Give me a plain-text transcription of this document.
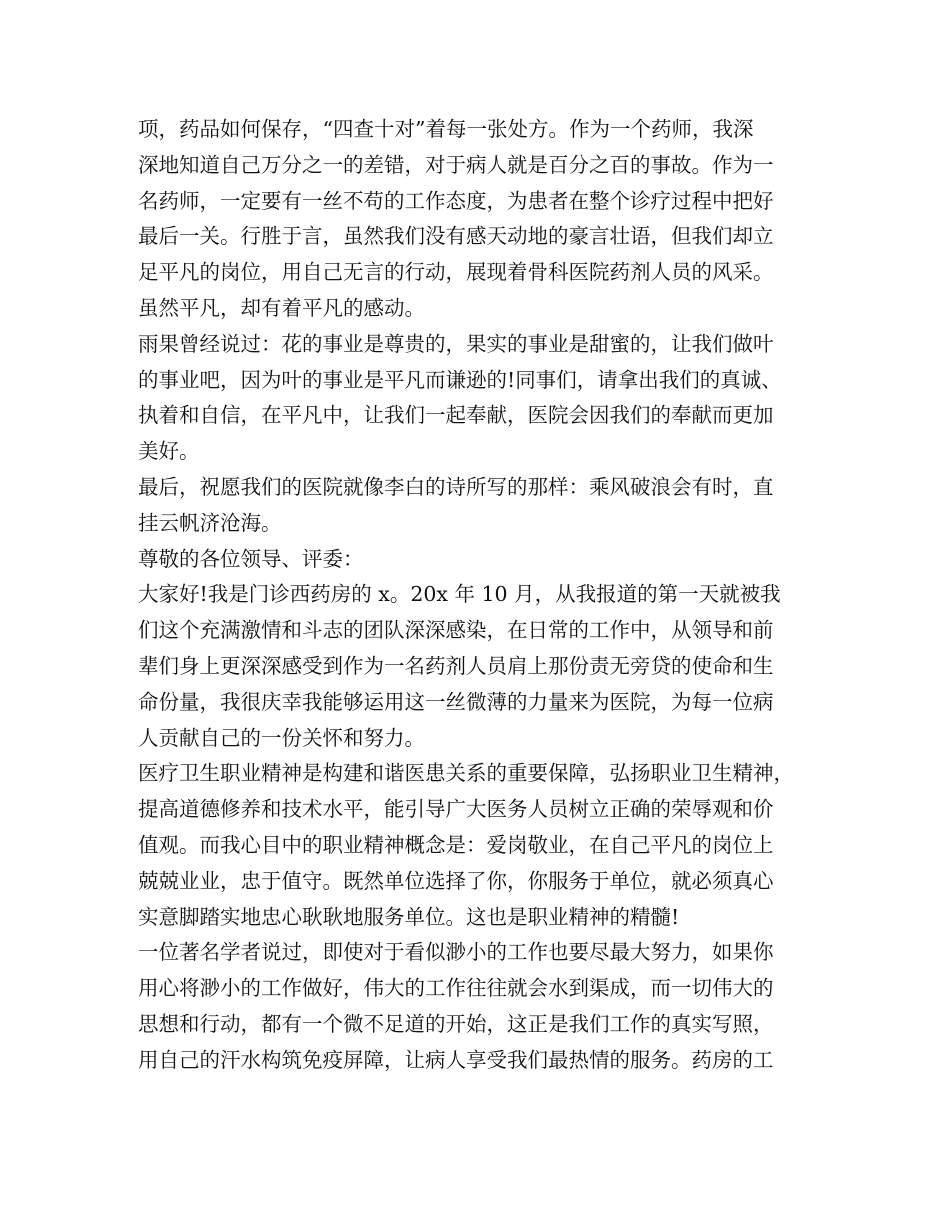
项，药品如何保存，“四查十对”着每一张处方。作为一个药师，我深
深地知道自己万分之一的差错，对于病人就是百分之百的事故。作为一
名药师，一定要有一丝不苟的工作态度，为患者在整个诊疗过程中把好
最后一关。行胜于言，虽然我们没有感天动地的豪言壮语，但我们却立
足平凡的岗位，用自己无言的行动，展现着骨科医院药剂人员的风采。
虽然平凡，却有着平凡的感动。
雨果曾经说过：花的事业是尊贵的，果实的事业是甜蜜的，让我们做叶
的事业吧，因为叶的事业是平凡而谦逊的!同事们，请拿出我们的真诚、
执着和自信，在平凡中，让我们一起奉献，医院会因我们的奉献而更加
美好。
最后，祝愿我们的医院就像李白的诗所写的那样：乘风破浪会有时，直
挂云帆济沧海。
尊敬的各位领导、评委：
大家好!我是门诊西药房的 x。20x 年 10 月，从我报道的第一天就被我
们这个充满激情和斗志的团队深深感染，在日常的工作中，从领导和前
辈们身上更深深感受到作为一名药剂人员肩上那份责无旁贷的使命和生
命份量，我很庆幸我能够运用这一丝微薄的力量来为医院，为每一位病
人贡献自己的一份关怀和努力。
医疗卫生职业精神是构建和谐医患关系的重要保障，弘扬职业卫生精神，
提高道德修养和技术水平，能引导广大医务人员树立正确的荣辱观和价
值观。而我心目中的职业精神概念是：爱岗敬业，在自己平凡的岗位上
兢兢业业，忠于值守。既然单位选择了你，你服务于单位，就必须真心
实意脚踏实地忠心耿耿地服务单位。这也是职业精神的精髓!
一位著名学者说过，即使对于看似渺小的工作也要尽最大努力，如果你
用心将渺小的工作做好，伟大的工作往往就会水到渠成，而一切伟大的
思想和行动，都有一个微不足道的开始，这正是我们工作的真实写照，
用自己的汗水构筑免疫屏障，让病人享受我们最热情的服务。药房的工
